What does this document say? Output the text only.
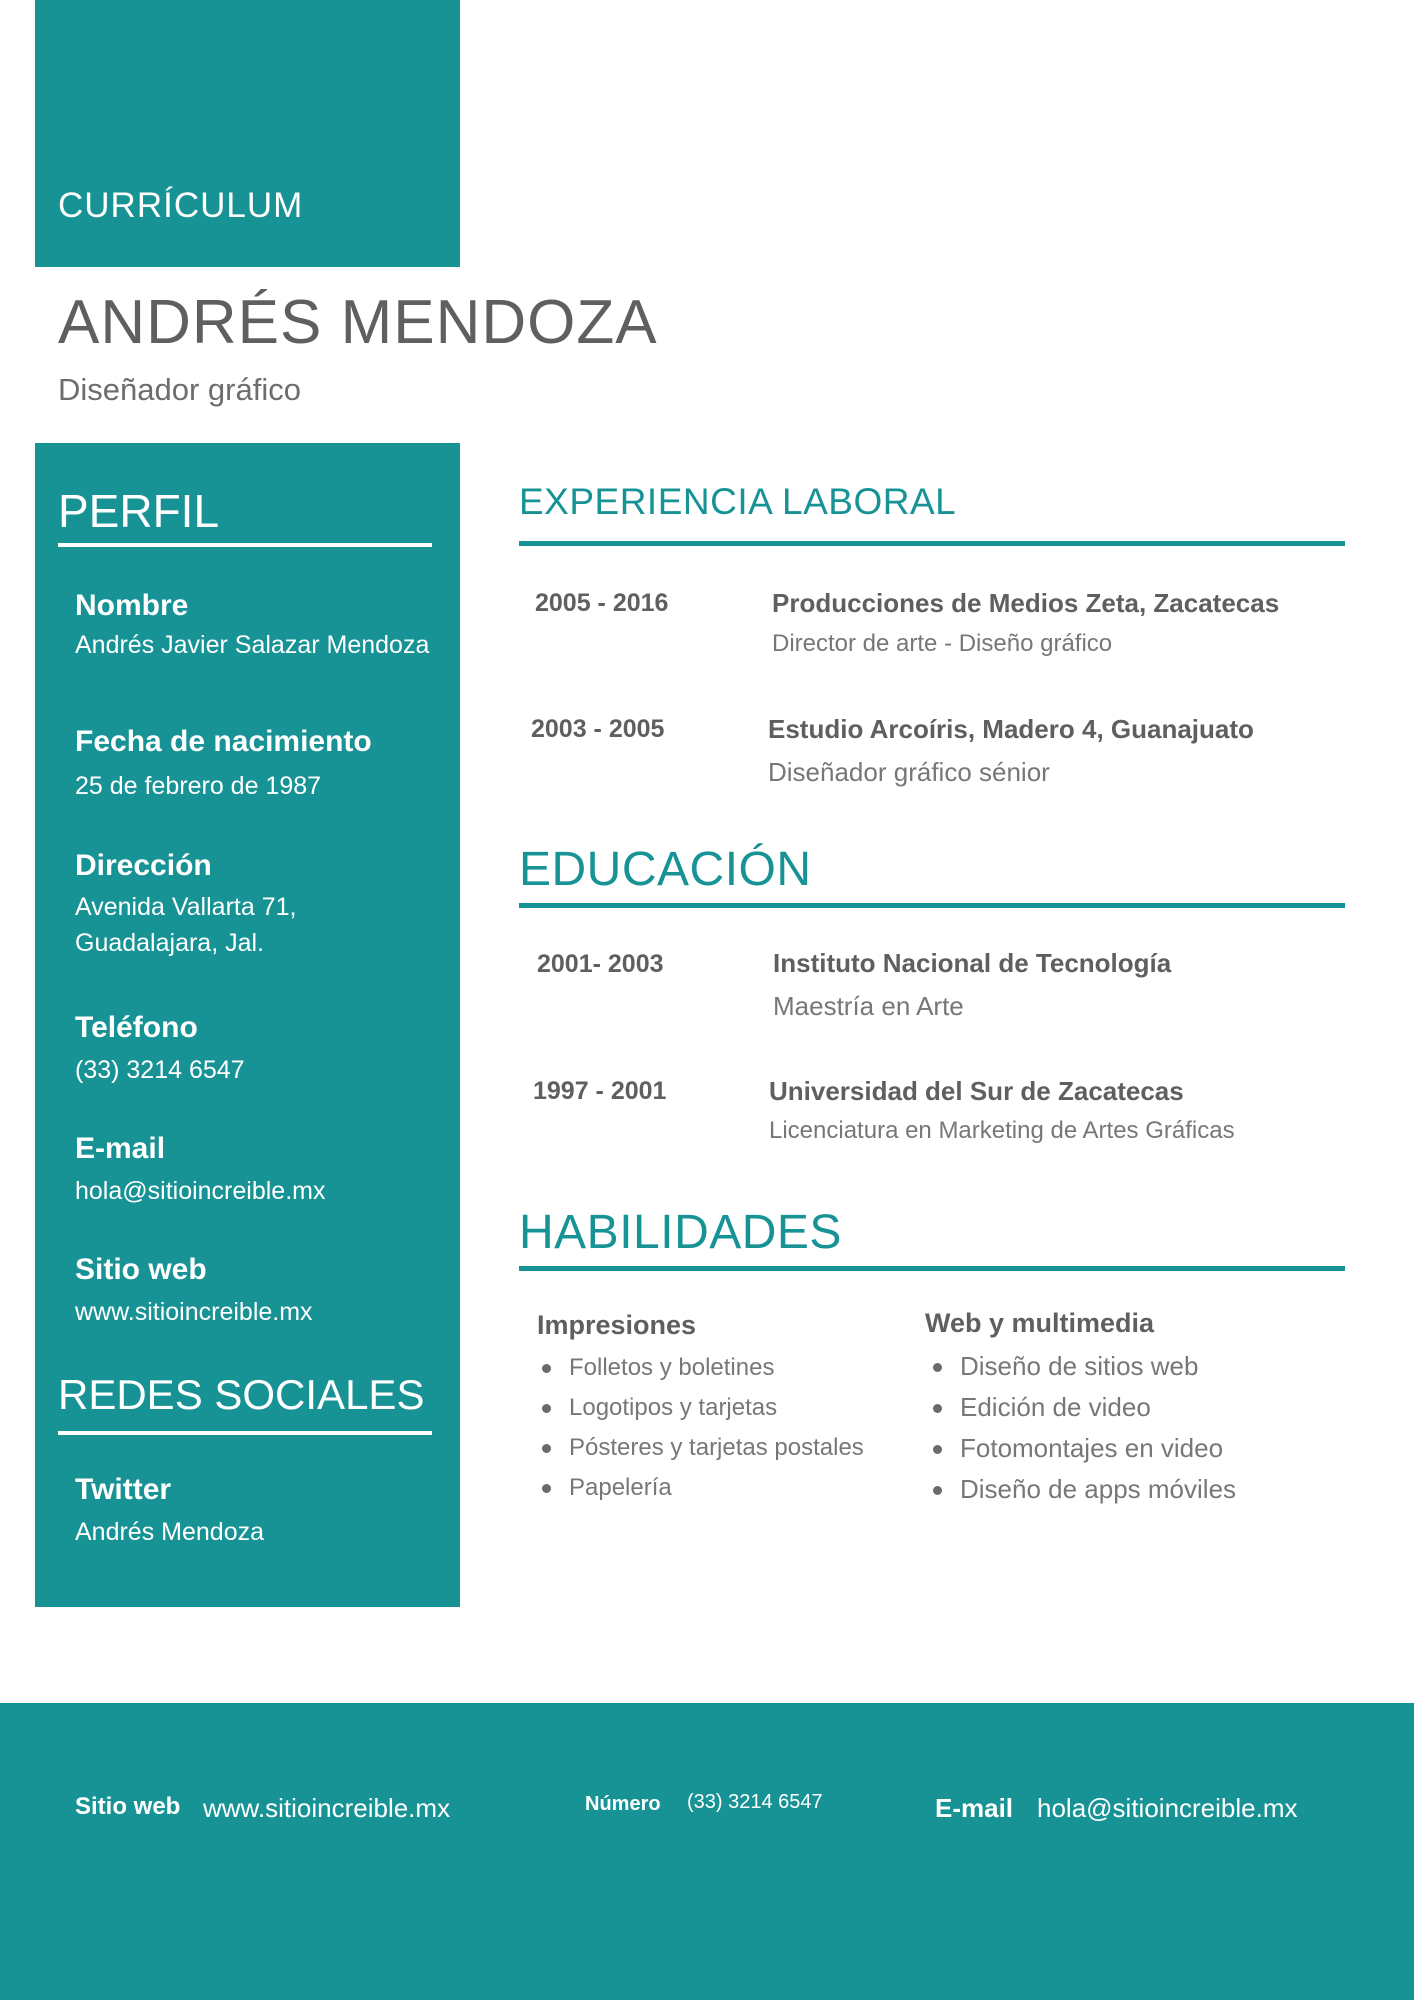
CURRÍCULUM
ANDRÉS MENDOZA
Diseñador gráfico
PERFIL
Nombre
Andrés Javier Salazar Mendoza
Fecha de nacimiento
25 de febrero de 1987
Dirección
Avenida Vallarta 71,
Guadalajara, Jal.
Teléfono
(33) 3214 6547
E-mail
hola@sitioincreible.mx
Sitio web
www.sitioincreible.mx
REDES SOCIALES
Twitter
Andrés Mendoza
EXPERIENCIA LABORAL
2005 - 2016	Producciones de Medios Zeta, Zacatecas
Director de arte - Diseño gráfico
2003 - 2005	Estudio Arcoíris, Madero 4, Guanajuato
Diseñador gráfico sénior
EDUCACIÓN
2001- 2003	Instituto Nacional de Tecnología
Maestría en Arte
1997 - 2001	Universidad del Sur de Zacatecas
Licenciatura en Marketing de Artes Gráficas
HABILIDADES
Impresiones
Folletos y boletines
Logotipos y tarjetas
Pósteres y tarjetas postales
Papelería
Web y multimedia
Diseño de sitios web
Edición de video
Fotomontajes en video
Diseño de apps móviles
Sitio web www.sitioincreible.mx	Número (33) 3214 6547	E-mail hola@sitioincreible.mx
